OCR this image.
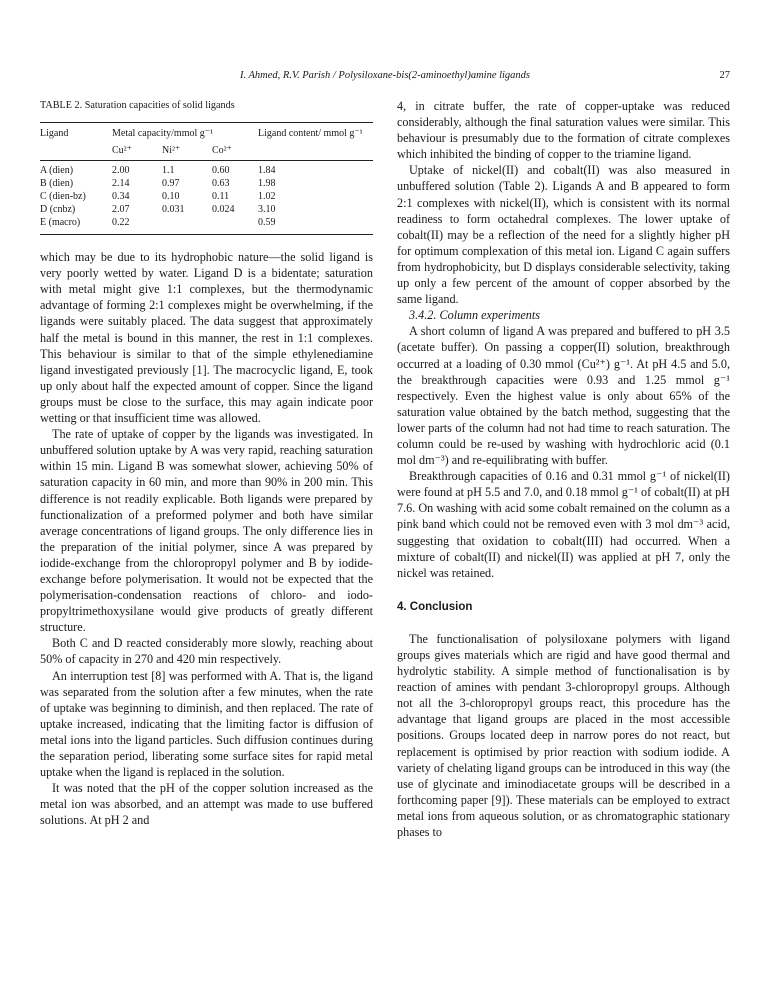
I. Ahmed, R.V. Parish / Polysiloxane-bis(2-aminoethyl)amine ligands	27
TABLE 2. Saturation capacities of solid ligands
Ligand	Metal capacity/mmol g⁻¹			Ligand content/ mmol g⁻¹
	Cu²⁺	Ni²⁺	Co²⁺	
A (dien)	2.00	1.1	0.60	1.84
B (dien)	2.14	0.97	0.63	1.98
C (dien-bz)	0.34	0.10	0.11	1.02
D (cnbz)	2.07	0.031	0.024	3.10
E (macro)	0.22			0.59

which may be due to its hydrophobic nature—the solid ligand is very poorly wetted by water. Ligand D is a bidentate; saturation with metal might give 1:1 complexes, but the thermodynamic advantage of forming 2:1 complexes might be overwhelming, if the ligands were suitably placed. The data suggest that approximately half the metal is bound in this manner, the rest in 1:1 complexes. This behaviour is similar to that of the simple ethylenediamine ligand investigated previously [1]. The macrocyclic ligand, E, took up only about half the expected amount of copper. Since the ligand groups must be close to the surface, this may again indicate poor wetting or that insufficient time was allowed.

The rate of uptake of copper by the ligands was investigated. In unbuffered solution uptake by A was very rapid, reaching saturation within 15 min. Ligand B was somewhat slower, achieving 50% of saturation capacity in 60 min, and more than 90% in 200 min. This difference is not readily explicable. Both ligands were prepared by functionalization of a preformed polymer and both have similar average concentrations of ligand groups. The only difference lies in the preparation of the initial polymer, since A was prepared by iodide-exchange from the chloropropyl polymer and B by iodide-exchange before polymerisation. It would not be expected that the polymerisation-condensation reactions of chloro- and iodo-propyltrimethoxysilane would give products of greatly different structure.

Both C and D reacted considerably more slowly, reaching about 50% of capacity in 270 and 420 min respectively.

An interruption test [8] was performed with A. That is, the ligand was separated from the solution after a few minutes, when the rate of uptake was beginning to diminish, and then replaced. The rate of uptake increased, indicating that the limiting factor is diffusion of metal ions into the ligand particles. Such diffusion continues during the separation period, liberating some surface sites for rapid metal uptake when the ligand is replaced in the solution.

It was noted that the pH of the copper solution increased as the metal ion was absorbed, and an attempt was made to use buffered solutions. At pH 2 and

4, in citrate buffer, the rate of copper-uptake was reduced considerably, although the final saturation values were similar. This behaviour is presumably due to the formation of citrate complexes which inhibited the binding of copper to the triamine ligand.

Uptake of nickel(II) and cobalt(II) was also measured in unbuffered solution (Table 2). Ligands A and B appeared to form 2:1 complexes with nickel(II), which is consistent with its normal readiness to form octahedral complexes. The lower uptake of cobalt(II) may be a reflection of the need for a slightly higher pH for optimum complexation of this metal ion. Ligand C again suffers from hydrophobicity, but D displays considerable selectivity, taking up only a few percent of the amount of copper absorbed by the same ligand.

3.4.2. Column experiments

A short column of ligand A was prepared and buffered to pH 3.5 (acetate buffer). On passing a copper(II) solution, breakthrough occurred at a loading of 0.30 mmol (Cu²⁺) g⁻¹. At pH 4.5 and 5.0, the breakthrough capacities were 0.93 and 1.25 mmol g⁻¹ respectively. Even the highest value is only about 65% of the saturation value obtained by the batch method, suggesting that the lower parts of the column had not had time to reach saturation. The column could be re-used by washing with hydrochloric acid (0.1 mol dm⁻³) and re-equilibrating with buffer.

Breakthrough capacities of 0.16 and 0.31 mmol g⁻¹ of nickel(II) were found at pH 5.5 and 7.0, and 0.18 mmol g⁻¹ of cobalt(II) at pH 7.6. On washing with acid some cobalt remained on the column as a pink band which could not be removed even with 3 mol dm⁻³ acid, suggesting that oxidation to cobalt(III) had occurred. When a mixture of cobalt(II) and nickel(II) was applied at pH 7, only the nickel was retained.

4. Conclusion

The functionalisation of polysiloxane polymers with ligand groups gives materials which are rigid and have good thermal and hydrolytic stability. A simple method of functionalisation is by reaction of amines with pendant 3-chloropropyl groups. Although not all the 3-chloropropyl groups react, this procedure has the advantage that ligand groups are placed in the most accessible positions. Groups located deep in narrow pores do not react, but replacement is optimised by prior reaction with sodium iodide. A variety of chelating ligand groups can be introduced in this way (the use of glycinate and iminodiacetate groups will be described in a forthcoming paper [9]). These materials can be employed to extract metal ions from aqueous solution, or as chromatographic stationary phases to
